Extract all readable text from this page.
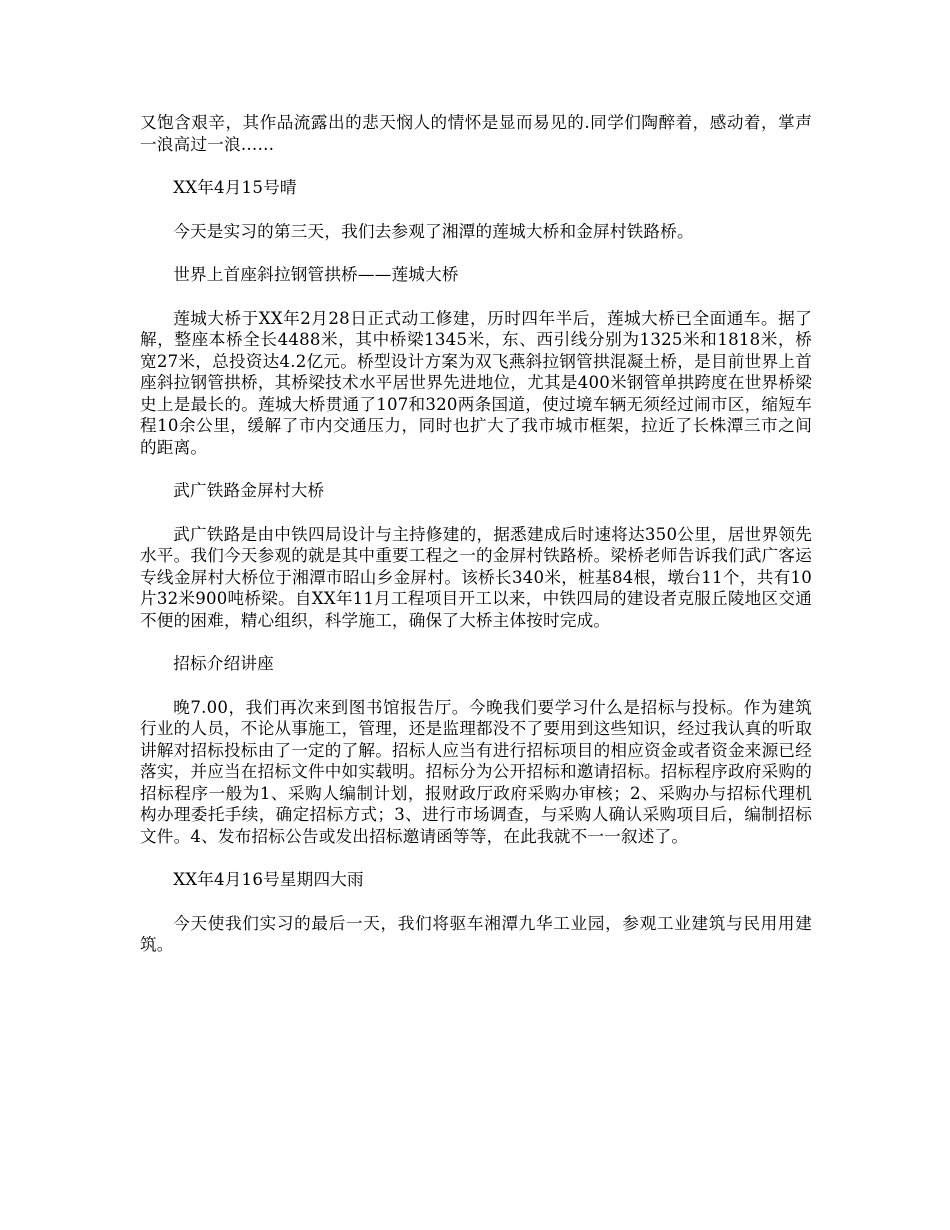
又饱含艰辛，其作品流露出的悲天悯人的情怀是显而易见的.同学们陶醉着，感动着，掌声一浪高过一浪……

XX年4月15号晴

今天是实习的第三天，我们去参观了湘潭的莲城大桥和金屏村铁路桥。

世界上首座斜拉钢管拱桥——莲城大桥

莲城大桥于XX年2月28日正式动工修建，历时四年半后，莲城大桥已全面通车。据了解，整座本桥全长4488米，其中桥梁1345米，东、西引线分别为1325米和1818米，桥宽27米，总投资达4.2亿元。桥型设计方案为双飞燕斜拉钢管拱混凝土桥，是目前世界上首座斜拉钢管拱桥，其桥梁技术水平居世界先进地位，尤其是400米钢管单拱跨度在世界桥梁史上是最长的。莲城大桥贯通了107和320两条国道，使过境车辆无须经过闹市区，缩短车程10余公里，缓解了市内交通压力，同时也扩大了我市城市框架，拉近了长株潭三市之间的距离。

武广铁路金屏村大桥

武广铁路是由中铁四局设计与主持修建的，据悉建成后时速将达350公里，居世界领先水平。我们今天参观的就是其中重要工程之一的金屏村铁路桥。梁桥老师告诉我们武广客运专线金屏村大桥位于湘潭市昭山乡金屏村。该桥长340米，桩基84根，墩台11个，共有10片32米900吨桥梁。自XX年11月工程项目开工以来，中铁四局的建设者克服丘陵地区交通不便的困难，精心组织，科学施工，确保了大桥主体按时完成。

招标介绍讲座

晚7.00，我们再次来到图书馆报告厅。今晚我们要学习什么是招标与投标。作为建筑行业的人员，不论从事施工，管理，还是监理都没不了要用到这些知识，经过我认真的听取讲解对招标投标由了一定的了解。招标人应当有进行招标项目的相应资金或者资金来源已经落实，并应当在招标文件中如实载明。招标分为公开招标和邀请招标。招标程序政府采购的招标程序一般为1、采购人编制计划，报财政厅政府采购办审核；2、采购办与招标代理机构办理委托手续，确定招标方式；3、进行市场调查，与采购人确认采购项目后，编制招标文件。4、发布招标公告或发出招标邀请函等等，在此我就不一一叙述了。

XX年4月16号星期四大雨

今天使我们实习的最后一天，我们将驱车湘潭九华工业园，参观工业建筑与民用用建筑。
